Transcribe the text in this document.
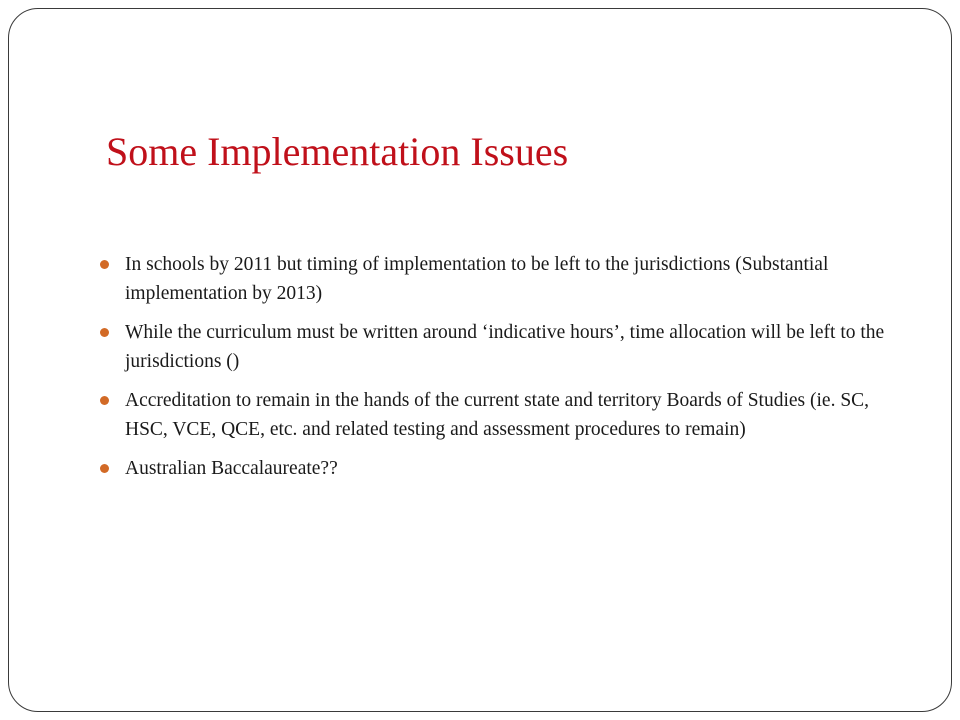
Some Implementation Issues
In schools by 2011 but timing of implementation to be left to the jurisdictions (Substantial implementation by 2013)
While the curriculum must be written around ‘indicative hours’, time allocation will be left to the jurisdictions ()
Accreditation to remain in the hands of the current state and territory Boards of Studies (ie. SC, HSC, VCE, QCE, etc. and related testing and assessment procedures to remain)
Australian Baccalaureate??
